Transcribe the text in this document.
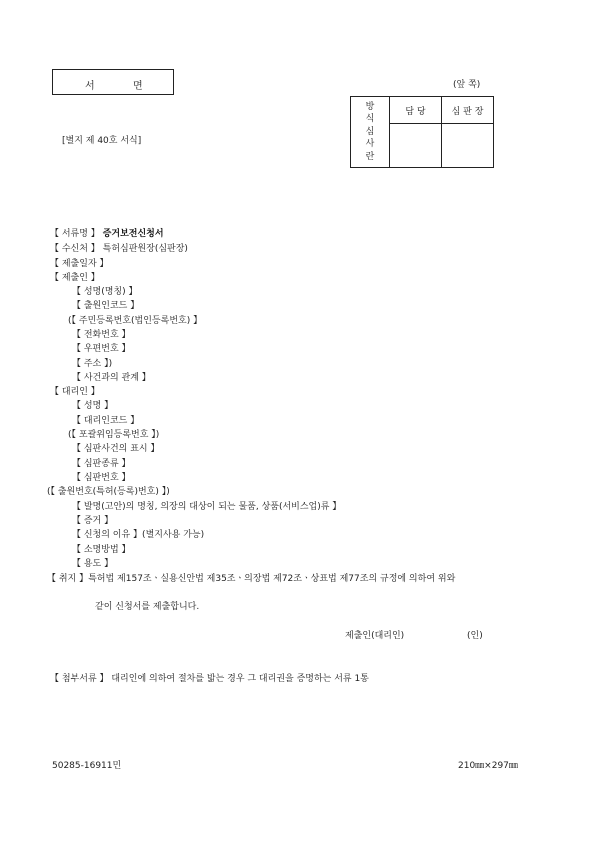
서	면	(앞 쪽)
[별지 제 40호 서식]
방
식
심
사
란	담 당	심 판 장

【 서류명 】 증거보전신청서
【 수신처 】 특허심판원장(심판장)
【 제출일자 】
【 제출인 】
【 성명(명칭) 】
【 출원인코드 】
(【 주민등록번호(법인등록번호) 】
【 전화번호 】
【 우편번호 】
【 주소 】)
【 사건과의 관계 】
【 대리인 】
【 성명 】
【 대리인코드 】
(【 포괄위임등록번호 】)
【 심판사건의 표시 】
【 심판종류 】
【 심판번호 】
(【 출원번호(특허(등록)번호) 】)
【 발명(고안)의 명칭, 의장의 대상이 되는 물품, 상품(서비스업)류 】
【 증거 】
【 신청의 이유 】(별지사용 가능)
【 소명방법 】
【 용도 】
【 취지 】특허법 제157조ㆍ실용신안법 제35조ㆍ의장법 제72조ㆍ상표법 제77조의 규정에 의하여 위와
같이 신청서를 제출합니다.
제출인(대리인)	(인)
【 첨부서류 】 대리인에 의하여 절차를 밟는 경우 그 대리권을 증명하는 서류 1통
50285-16911민	210㎜×297㎜
